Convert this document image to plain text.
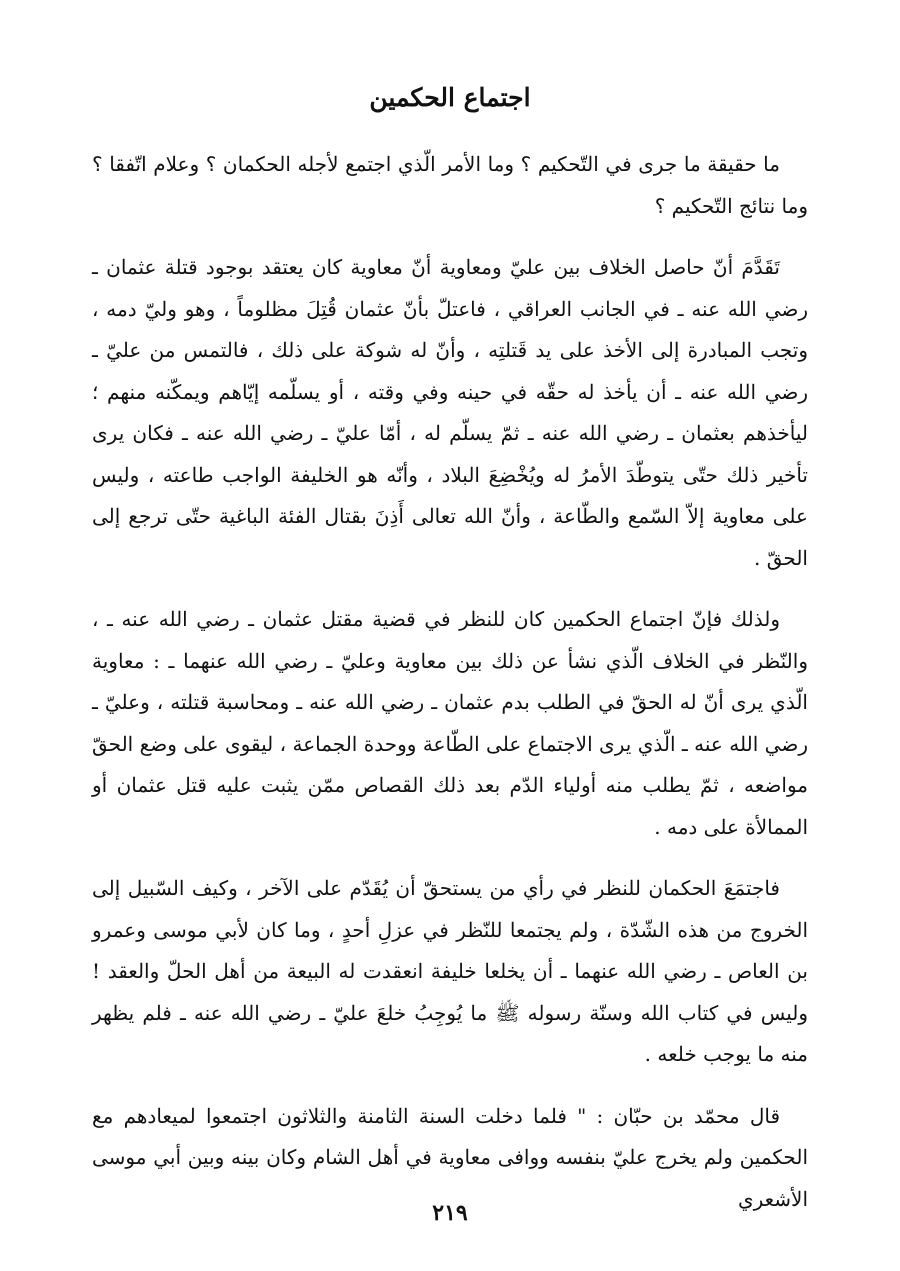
اجتماع الحكمين

ما حقيقة ما جرى في التّحكيم ؟ وما الأمر الّذي اجتمع لأجله الحكمان ؟ وعلام اتّفقا ؟ وما نتائج التّحكيم ؟

تَقَدَّمَ أنّ حاصل الخلاف بين عليّ ومعاوية أنّ معاوية كان يعتقد بوجود قتلة عثمان ـ رضي الله عنه ـ في الجانب العراقي ، فاعتلّ بأنّ عثمان قُتِلَ مظلوماً ، وهو وليّ دمه ، وتجب المبادرة إلى الأخذ على يد قَتلتِه ، وأنّ له شوكة على ذلك ، فالتمس من عليّ ـ رضي الله عنه ـ أن يأخذ له حقّه في حينه وفي وقته ، أو يسلّمه إيّاهم ويمكّنه منهم ؛ ليأخذهم بعثمان ـ رضي الله عنه ـ ثمّ يسلّم له ، أمّا عليّ ـ رضي الله عنه ـ فكان يرى تأخير ذلك حتّى يتوطّدَ الأمرُ له ويُخْضِعَ البلاد ، وأنّه هو الخليفة الواجب طاعته ، وليس على معاوية إلاّ السّمع والطّاعة ، وأنّ الله تعالى أَذِنَ بقتال الفئة الباغية حتّى ترجع إلى الحقّ .

ولذلك فإنّ اجتماع الحكمين كان للنظر في قضية مقتل عثمان ـ رضي الله عنه ـ ، والنّظر في الخلاف الّذي نشأ عن ذلك بين معاوية وعليّ ـ رضي الله عنهما ـ : معاوية الّذي يرى أنّ له الحقّ في الطلب بدم عثمان ـ رضي الله عنه ـ ومحاسبة قتلته ، وعليّ ـ رضي الله عنه ـ الّذي يرى الاجتماع على الطّاعة ووحدة الجماعة ، ليقوى على وضع الحقّ مواضعه ، ثمّ يطلب منه أولياء الدّم بعد ذلك القصاص ممّن يثبت عليه قتل عثمان أو الممالأة على دمه .

فاجتمَعَ الحكمان للنظر في رأي من يستحقّ أن يُقَدّم على الآخر ، وكيف السّبيل إلى الخروج من هذه الشّدّة ، ولم يجتمعا للنّظر في عزلِ أحدٍ ، وما كان لأبي موسى وعمرو بن العاص ـ رضي الله عنهما ـ أن يخلعا خليفة انعقدت له البيعة من أهل الحلّ والعقد ! وليس في كتاب الله وسنّة رسوله ﷺ ما يُوجِبُ خلعَ عليّ ـ رضي الله عنه ـ فلم يظهر منه ما يوجب خلعه .

قال محمّد بن حبّان : " فلما دخلت السنة الثامنة والثلاثون اجتمعوا لميعادهم مع الحكمين ولم يخرج عليّ بنفسه ووافى معاوية في أهل الشام وكان بينه وبين أبي موسى الأشعري

٢١٩
